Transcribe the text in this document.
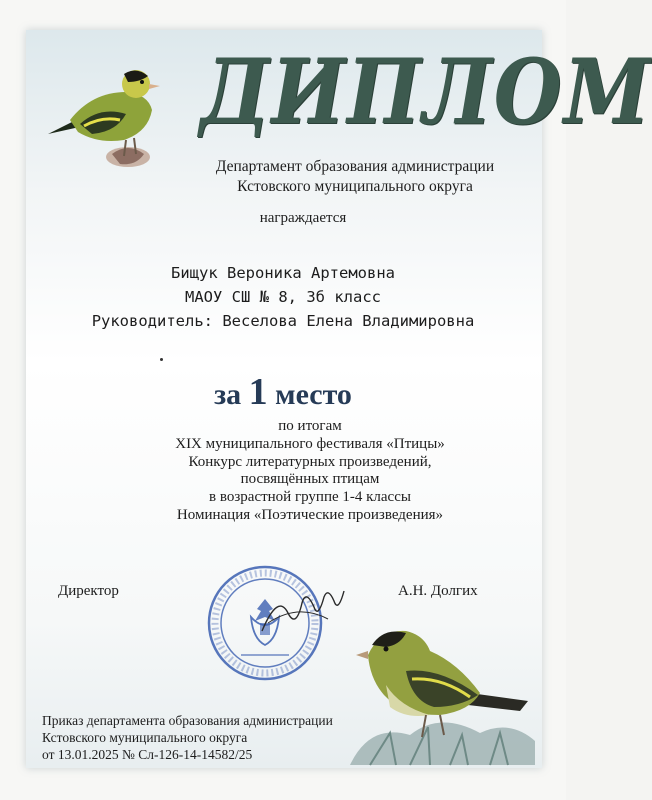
ДИПЛОМ
Департамент образования администрации
Кстовского муниципального округа
награждается
Бищук Вероника Артемовна
МАОУ СШ № 8, 3б класс
Руководитель: Веселова Елена Владимировна
за 1 место
по итогам
XIX муниципального фестиваля «Птицы»
Конкурс литературных произведений,
посвящённых птицам
в возрастной группе 1-4 классы
Номинация «Поэтические произведения»
Директор	А.Н. Долгих
Приказ департамента образования администрации
Кстовского муниципального округа
от 13.01.2025 № Сл-126-14-14582/25
